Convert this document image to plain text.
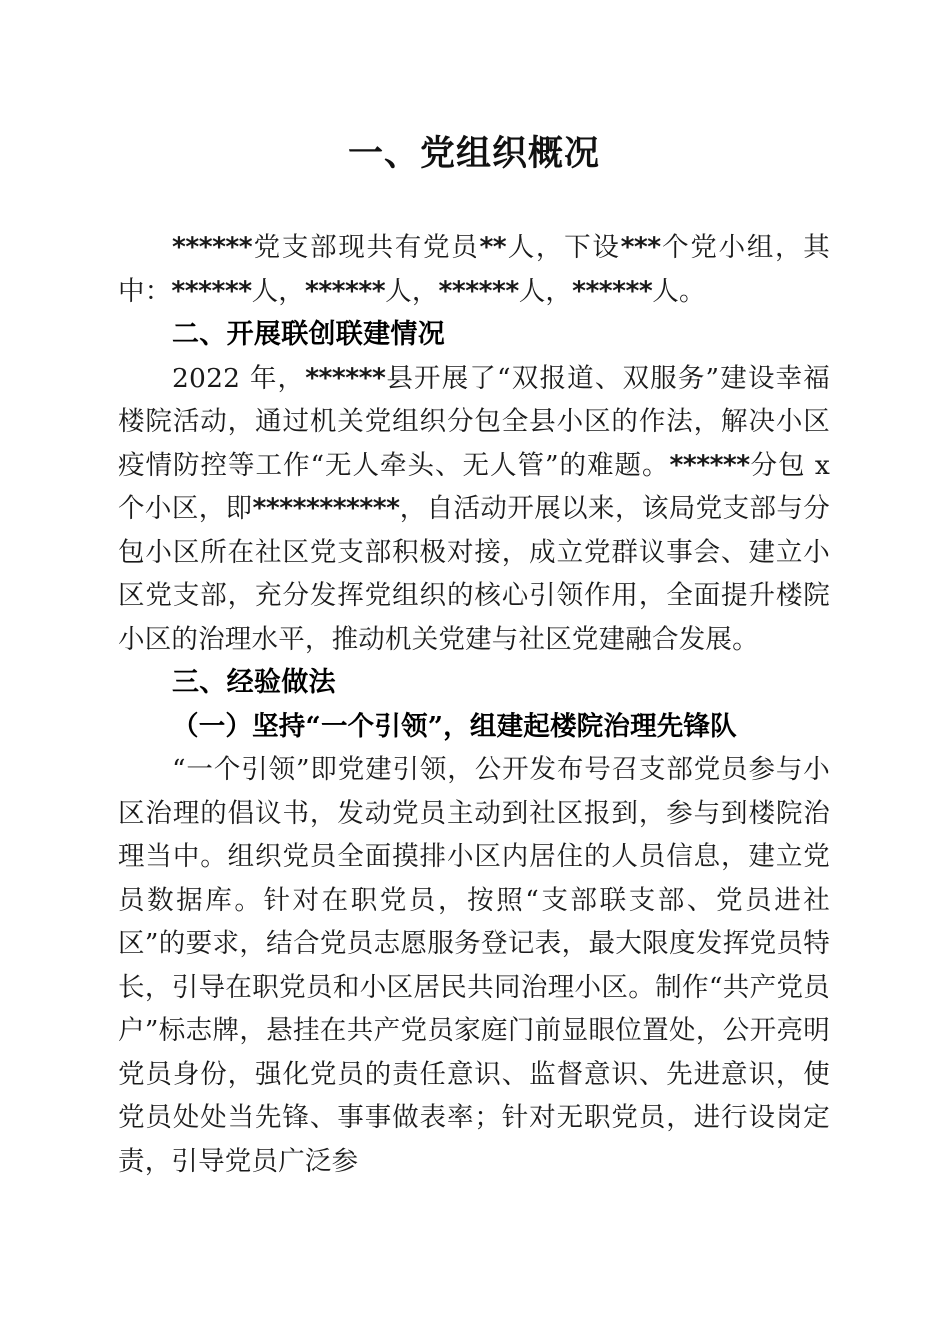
一、党组织概况

******党支部现共有党员**人，下设***个党小组，其中：******人，******人，******人，******人。

二、开展联创联建情况

2022 年，******县开展了“双报道、双服务”建设幸福楼院活动，通过机关党组织分包全县小区的作法，解决小区疫情防控等工作“无人牵头、无人管”的难题。******分包 x 个小区，即***********，自活动开展以来，该局党支部与分包小区所在社区党支部积极对接，成立党群议事会、建立小区党支部，充分发挥党组织的核心引领作用，全面提升楼院小区的治理水平，推动机关党建与社区党建融合发展。

三、经验做法

（一）坚持“一个引领”，组建起楼院治理先锋队

“一个引领”即党建引领，公开发布号召支部党员参与小区治理的倡议书，发动党员主动到社区报到，参与到楼院治理当中。组织党员全面摸排小区内居住的人员信息，建立党员数据库。针对在职党员，按照“支部联支部、党员进社区”的要求，结合党员志愿服务登记表，最大限度发挥党员特长，引导在职党员和小区居民共同治理小区。制作“共产党员户”标志牌，悬挂在共产党员家庭门前显眼位置处，公开亮明党员身份，强化党员的责任意识、监督意识、先进意识，使党员处处当先锋、事事做表率；针对无职党员，进行设岗定责，引导党员广泛参
